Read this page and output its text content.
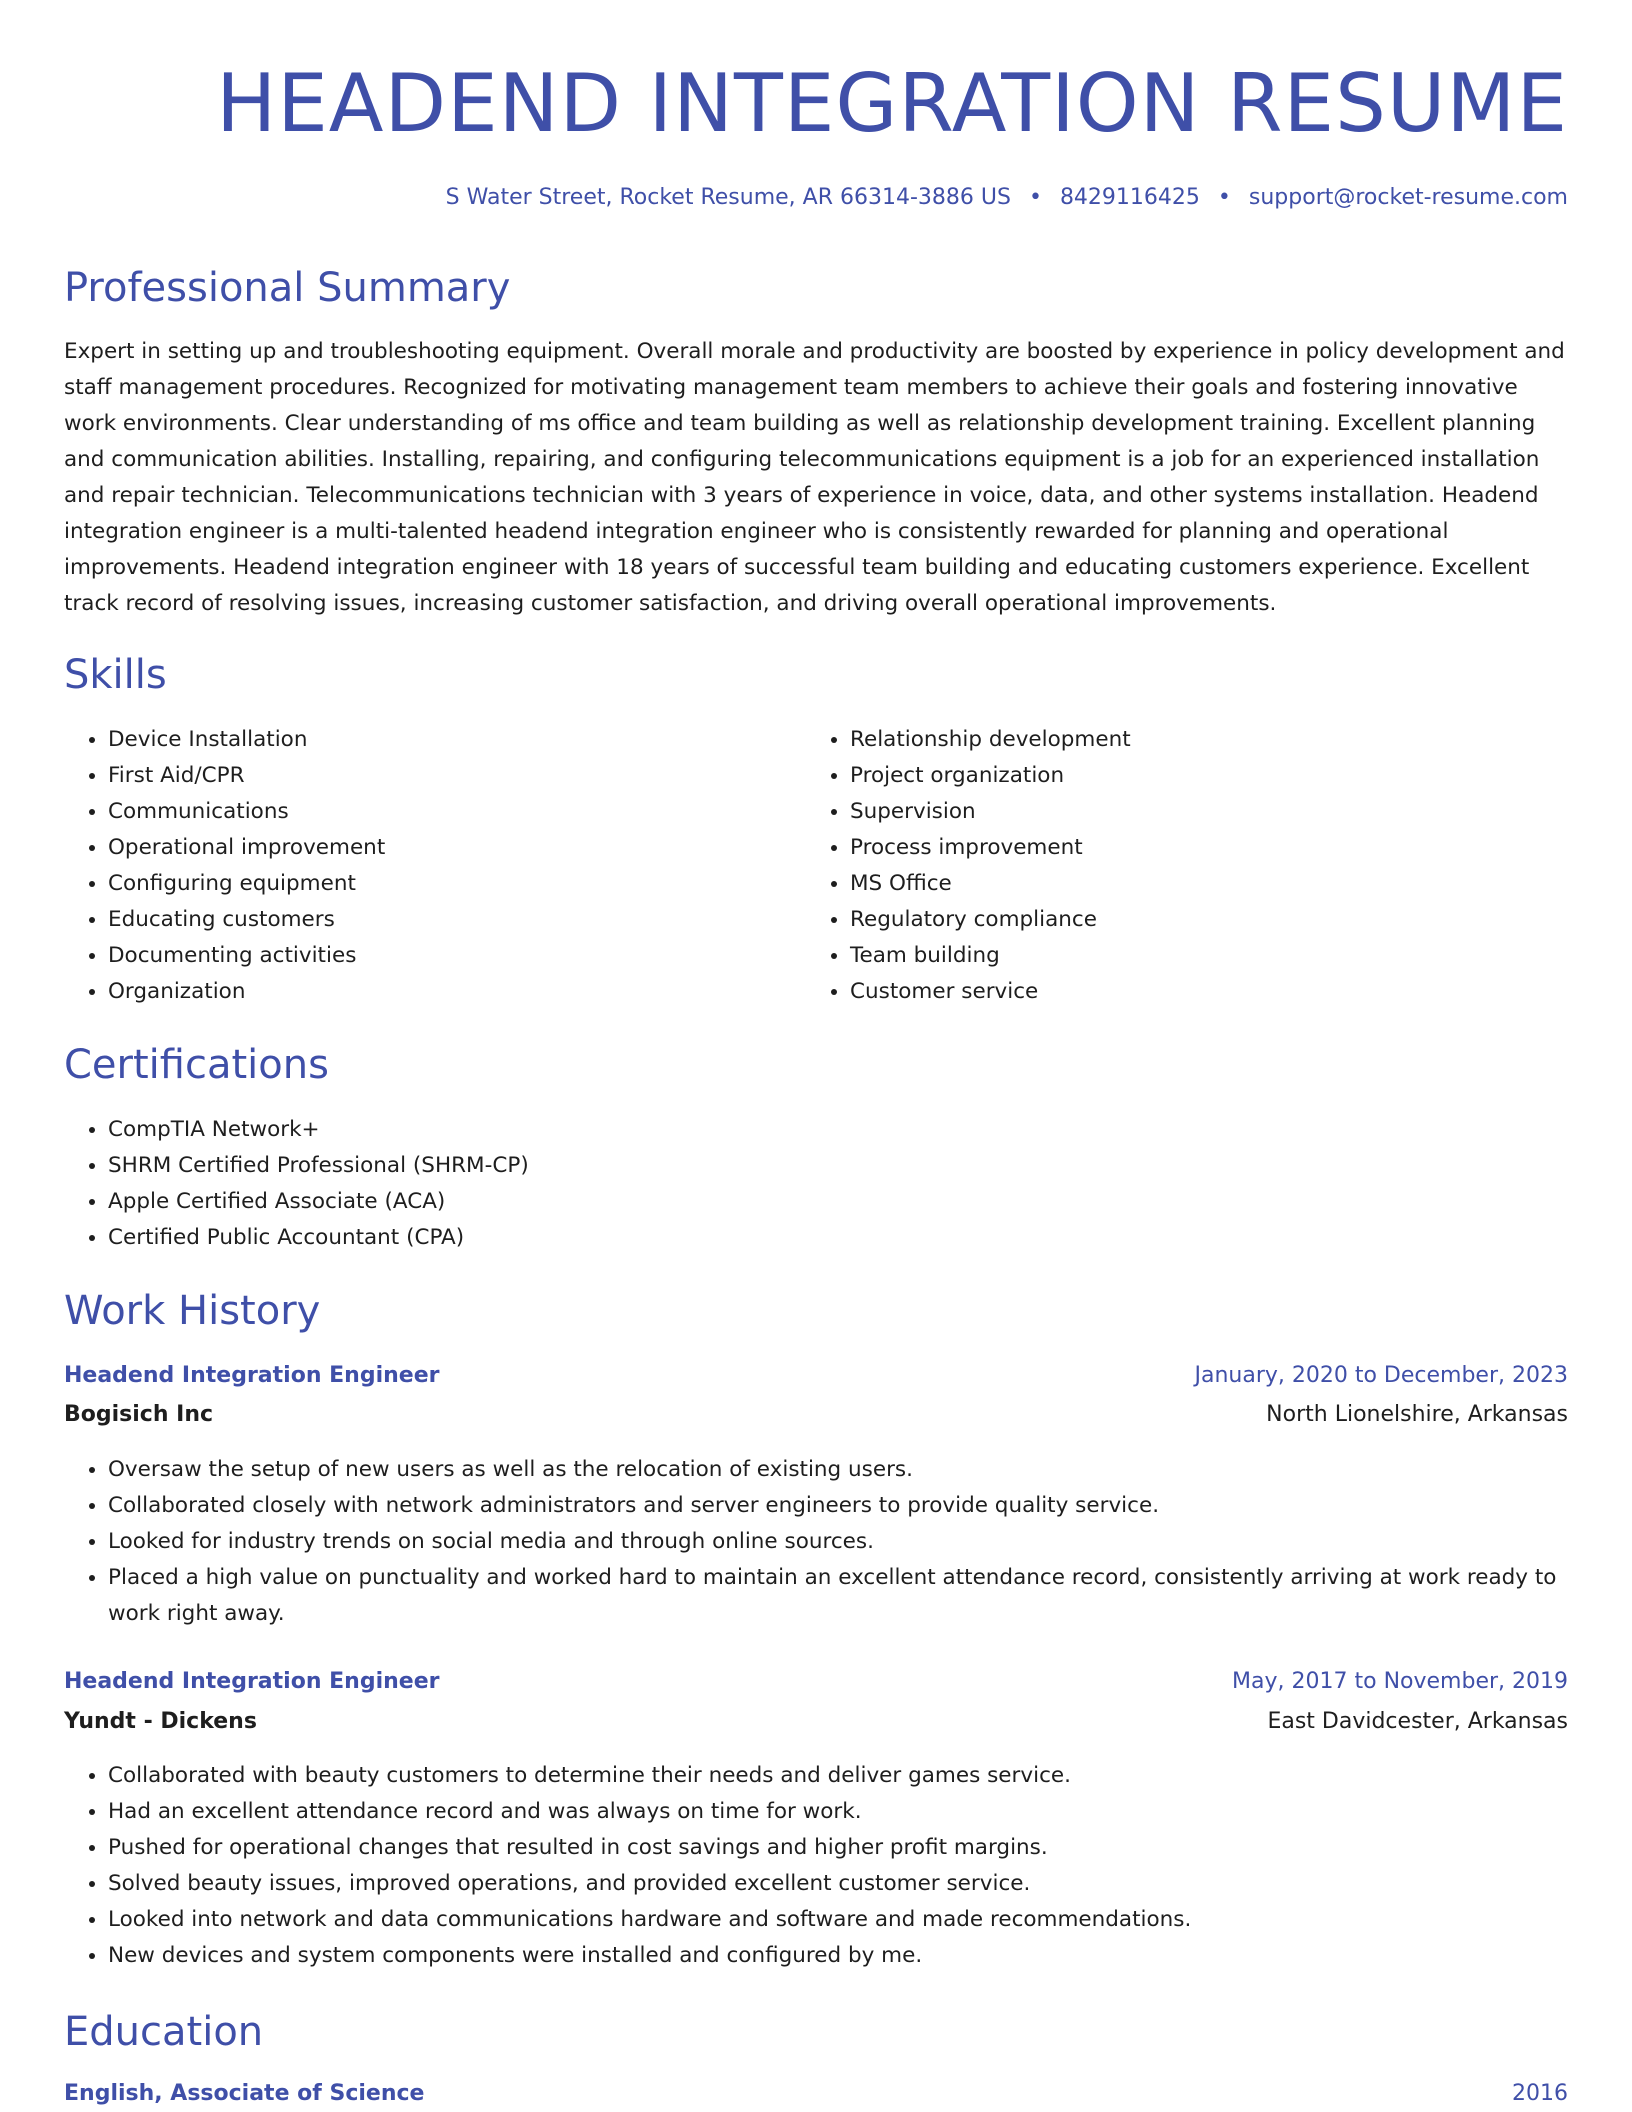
HEADEND INTEGRATION RESUME
S Water Street, Rocket Resume, AR 66314-3886 US • 8429116425 • support@rocket-resume.com
Professional Summary

Expert in setting up and troubleshooting equipment. Overall morale and productivity are boosted by experience in policy development and staff management procedures. Recognized for motivating management team members to achieve their goals and fostering innovative work environments. Clear understanding of ms office and team building as well as relationship development training. Excellent planning and communication abilities. Installing, repairing, and configuring telecommunications equipment is a job for an experienced installation and repair technician. Telecommunications technician with 3 years of experience in voice, data, and other systems installation. Headend integration engineer is a multi-talented headend integration engineer who is consistently rewarded for planning and operational improvements. Headend integration engineer with 18 years of successful team building and educating customers experience. Excellent track record of resolving issues, increasing customer satisfaction, and driving overall operational improvements.

Skills
• Device Installation
• First Aid/CPR
• Communications
• Operational improvement
• Configuring equipment
• Educating customers
• Documenting activities
• Organization
• Relationship development
• Project organization
• Supervision
• Process improvement
• MS Office
• Regulatory compliance
• Team building
• Customer service
Certifications
• CompTIA Network+
• SHRM Certified Professional (SHRM-CP)
• Apple Certified Associate (ACA)
• Certified Public Accountant (CPA)
Work History
Headend Integration Engineer	January, 2020 to December, 2023
Bogisich Inc	North Lionelshire, Arkansas
• Oversaw the setup of new users as well as the relocation of existing users.
• Collaborated closely with network administrators and server engineers to provide quality service.
• Looked for industry trends on social media and through online sources.
• Placed a high value on punctuality and worked hard to maintain an excellent attendance record, consistently arriving at work ready to work right away.
Headend Integration Engineer	May, 2017 to November, 2019
Yundt - Dickens	East Davidcester, Arkansas
• Collaborated with beauty customers to determine their needs and deliver games service.
• Had an excellent attendance record and was always on time for work.
• Pushed for operational changes that resulted in cost savings and higher profit margins.
• Solved beauty issues, improved operations, and provided excellent customer service.
• Looked into network and data communications hardware and software and made recommendations.
• New devices and system components were installed and configured by me.
Education
English, Associate of Science	2016
